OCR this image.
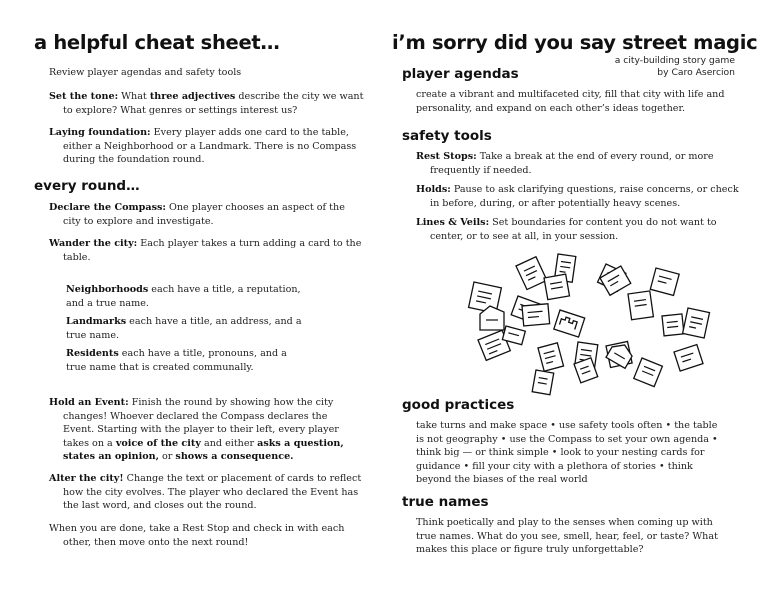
a helpful cheat sheet…
Review player agendas and safety tools
Set the tone: What three adjectives describe the city we want to explore? What genres or settings interest us?
Laying foundation: Every player adds one card to the table, either a Neighborhood or a Landmark. There is no Compass during the foundation round.
every round…
Declare the Compass: One player chooses an aspect of the city to explore and investigate.
Wander the city: Each player takes a turn adding a card to the table.
Neighborhoods each have a title, a reputation, and a true name.
Landmarks each have a title, an address, and a true name.
Residents each have a title, pronouns, and a true name that is created communally.
Hold an Event: Finish the round by showing how the city changes! Whoever declared the Compass declares the Event. Starting with the player to their left, every player takes on a voice of the city and either asks a question, states an opinion, or shows a consequence.
Alter the city! Change the text or placement of cards to reflect how the city evolves. The player who declared the Event has the last word, and closes out the round.
When you are done, take a Rest Stop and check in with each other, then move onto the next round!
i’m sorry did you say street magic
a city-building story game
by Caro Asercion
player agendas
create a vibrant and multifaceted city, fill that city with life and personality, and expand on each other’s ideas together.
safety tools
Rest Stops: Take a break at the end of every round, or more frequently if needed.
Holds: Pause to ask clarifying questions, raise concerns, or check in before, during, or after potentially heavy scenes.
Lines & Veils: Set boundaries for content you do not want to center, or to see at all, in your session.
good practices
take turns and make space • use safety tools often • the table is not geography • use the Compass to set your own agenda • think big — or think simple • look to your nesting cards for guidance • fill your city with a plethora of stories • think beyond the biases of the real world
true names
Think poetically and play to the senses when coming up with true names. What do you see, smell, hear, feel, or taste? What makes this place or figure truly unforgettable?
